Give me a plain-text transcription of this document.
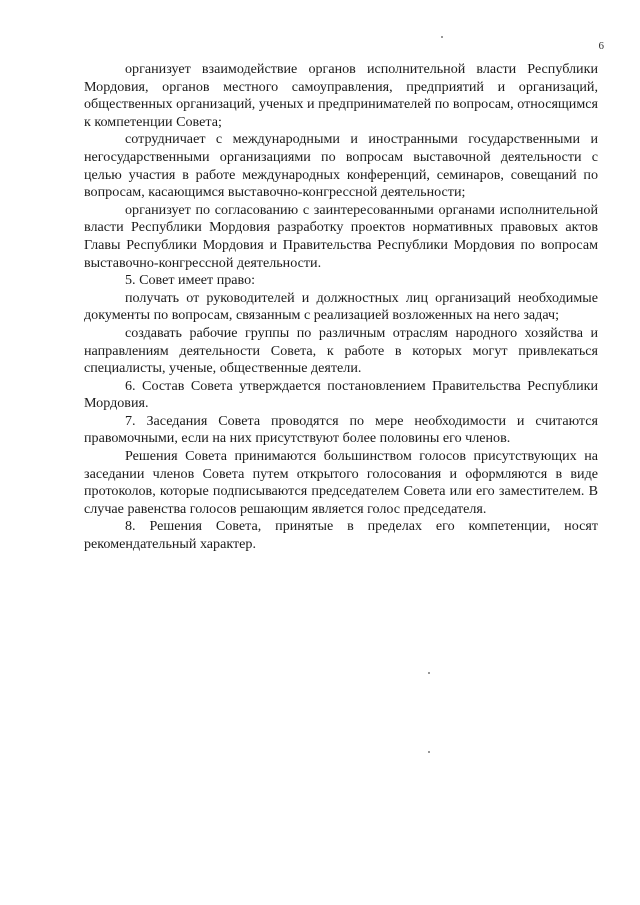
6

организует взаимодействие органов исполнительной власти Республики Мордовия, органов местного самоуправления, предприятий и организаций, общественных организаций, ученых и предпринимателей по вопросам, относящимся к компетенции Совета;

сотрудничает с международными и иностранными государственными и негосударственными организациями по вопросам выставочной деятельности с целью участия в работе международных конференций, семинаров, совещаний по вопросам, касающимся выставочно-конгрессной деятельности;

организует по согласованию с заинтересованными органами исполнительной власти Республики Мордовия разработку проектов нормативных правовых актов Главы Республики Мордовия и Правительства Республики Мордовия по вопросам выставочно-конгрессной деятельности.

5. Совет имеет право:

получать от руководителей и должностных лиц организаций необходимые документы по вопросам, связанным с реализацией возложенных на него задач;

создавать рабочие группы по различным отраслям народного хозяйства и направлениям деятельности Совета, к работе в которых могут привлекаться специалисты, ученые, общественные деятели.

6. Состав Совета утверждается постановлением Правительства Республики Мордовия.

7. Заседания Совета проводятся по мере необходимости и считаются правомочными, если на них присутствуют более половины его членов.

Решения Совета принимаются большинством голосов присутствующих на заседании членов Совета путем открытого голосования и оформляются в виде протоколов, которые подписываются председателем Совета или его заместителем. В случае равенства голосов решающим является голос председателя.

8. Решения Совета, принятые в пределах его компетенции, носят рекомендательный характер.
